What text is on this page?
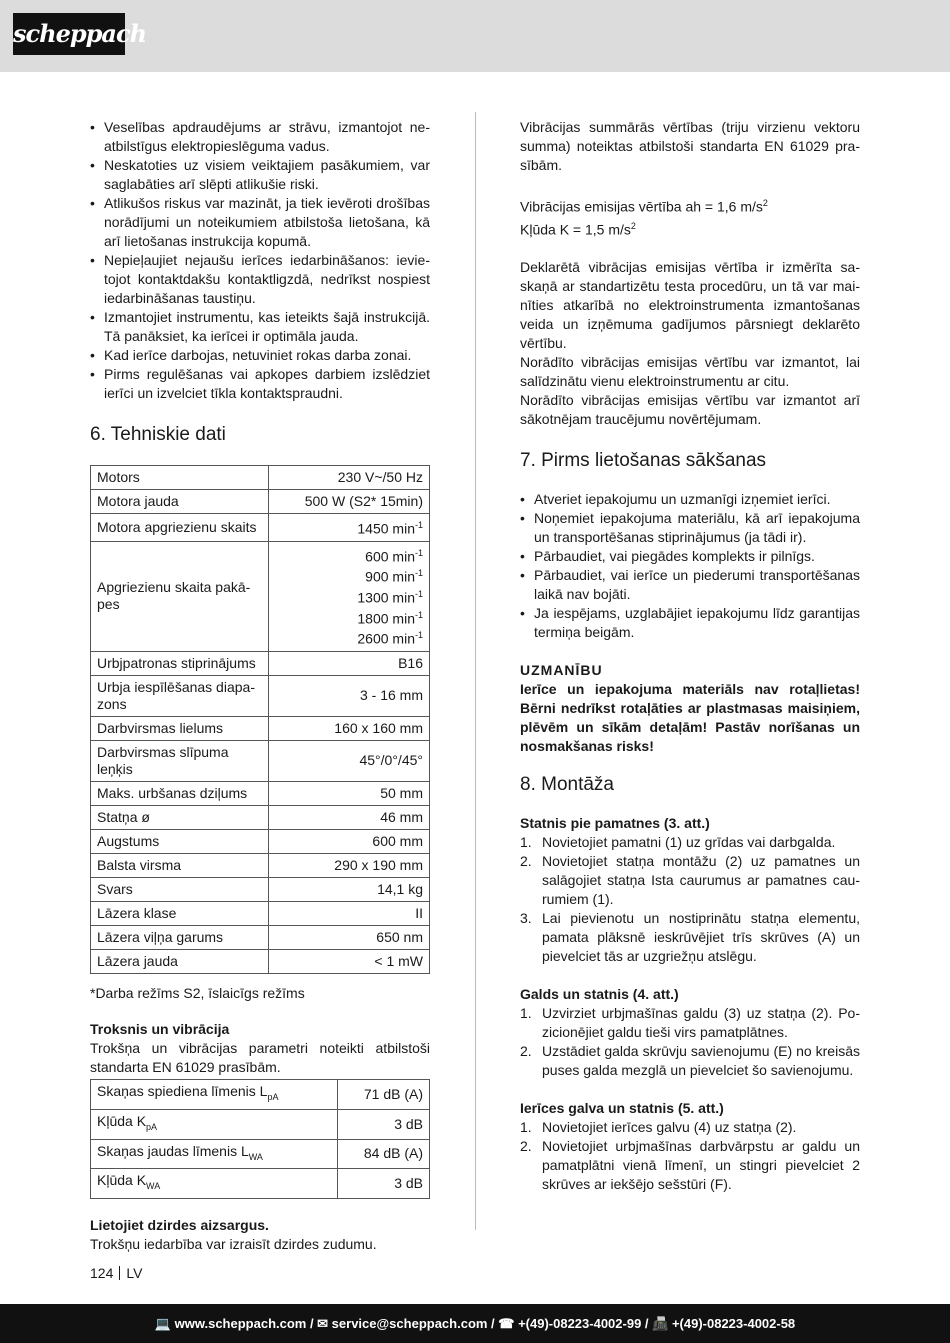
scheppach
• Veselības apdraudējums ar strāvu, izmantojot neatbilstīgus elektropieslēguma vadus.
• Neskatoties uz visiem veiktajiem pasākumiem, var saglabāties arī slēpti atlikušie riski.
• Atlikušos riskus var mazināt, ja tiek ievēroti drošības norādījumi un noteikumiem atbilstoša lietošana, kā arī lietošanas instrukcija kopumā.
• Nepieļaujiet nejaušu ierīces iedarbināšanos: ievietojot kontaktdakšu kontaktligzdā, nedrīkst nospiest iedarbināšanas taustiņu.
• Izmantojiet instrumentu, kas ieteikts šajā instrukcijā. Tā panāksiet, ka ierīcei ir optimāla jauda.
• Kad ierīce darbojas, netuviniet rokas darba zonai.
• Pirms regulēšanas vai apkopes darbiem izslēdziet ierīci un izvelciet tīkla kontaktspraudni.
6. Tehniskie dati
Motors	230 V~/50 Hz
Motora jauda	500 W (S2* 15min)
Motora apgriezienu skaits	1450 $\min^{-1}$
Apgriezienu skaita pakāpes	600 $\min^{-1}$
900 $\min^{-1}$
1300 $\min^{-1}$
1800 $\min^{-1}$
2600 $\min^{-1}$

Urbjpatronas stiprinājums	B16
Urbja iespīlēšanas diapazons	3 - 16 mm
Darbvirsmas lielums	160 x 160 mm
Darbvirsmas slīpuma leņķis	45°/0°/45°
Maks. urbšanas dziļums	50 mm
Statņa ø	46 mm
Augstums	600 mm
Balsta virsma	290 x 190 mm
Svars	14,1 kg
Lāzera klase	II
Lāzera viļņa garums	650 nm
Lāzera jauda	< 1 mW

*Darba režīms S2, īslaicīgs režīms

Troksnis un vibrācija

Trokšņa un vibrācijas parametri noteikti atbilstoši standarta EN 61029 prasībām.

Skaņas spiediena līmenis $L_{pA}$	71 dB (A)
Kļūda $K_{pA}$	3 dB
Skaņas jaudas līmenis $L_{WA}$	84 dB (A)
Kļūda $K_{WA}$	3 dB

Lietojiet dzirdes aizsargus.

Trokšņu iedarbība var izraisīt dzirdes zudumu.

Vibrācijas summārās vērtības (triju virzienu vektoru summa) noteiktas atbilstoši standarta EN 61029 prasībām.

Vibrācijas emisijas vērtība ah = 1,6 $m/s^2$

Kļūda K = 1,5 $m/s^2$

Deklarētā vibrācijas emisijas vērtība ir izmērīta saskaņā ar standartizētu testa procedūru, un tā var mainīties atkarībā no elektroinstrumenta izmantošanas veida un izņēmuma gadījumos pārsniegt deklarēto vērtību.

Norādīto vibrācijas emisijas vērtību var izmantot, lai salīdzinātu vienu elektroinstrumentu ar citu.

Norādīto vibrācijas emisijas vērtību var izmantot arī sākotnējam traucējumu novērtējumam.

7. Pirms lietošanas sākšanas
• Atveriet iepakojumu un uzmanīgi izņemiet ierīci.
• Noņemiet iepakojuma materiālu, kā arī iepakojuma un transportēšanas stiprinājumus (ja tādi ir).
• Pārbaudiet, vai piegādes komplekts ir pilnīgs.
• Pārbaudiet, vai ierīce un piederumi transportēšanas laikā nav bojāti.
• Ja iespējams, uzglabājiet iepakojumu līdz garantijas termiņa beigām.

UZMANĪBU

Ierīce un iepakojuma materiāls nav rotaļlietas! Bērni nedrīkst rotaļāties ar plastmasas maisiņiem, plēvēm un sīkām detaļām! Pastāv norīšanas un nosmakšanas risks!

8. Montāža

Statnis pie pamatnes (3. att.)

1. Novietojiet pamatni (1) uz grīdas vai darbgalda.
2. Novietojiet statņa montāžu (2) uz pamatnes un salāgojiet statņa Ista caurumus ar pamatnes caurumiem (1).
3. Lai pievienotu un nostiprinātu statņa elementu, pamata plāksnē ieskrūvējiet trīs skrūves (A) un pievelciet tās ar uzgriežņu atslēgu.

Galds un statnis (4. att.)

1. Uzvirziet urbjmašīnas galdu (3) uz statņa (2). Pozicionējiet galdu tieši virs pamatplātnes.
2. Uzstādiet galda skrūvju savienojumu (E) no kreisās puses galda mezglā un pievelciet šo savienojumu.

Ierīces galva un statnis (5. att.)

1. Novietojiet ierīces galvu (4) uz statņa (2).
2. Novietojiet urbjmašīnas darbvārpstu ar galdu un pamatplātni vienā līmenī, un stingri pievelciet 2 skrūves ar iekšējo sešstūri (F).
124 LV
💻 www.scheppach.com / ✉ service@scheppach.com / ☎ +(49)-08223-4002-99 / 📠 +(49)-08223-4002-58
